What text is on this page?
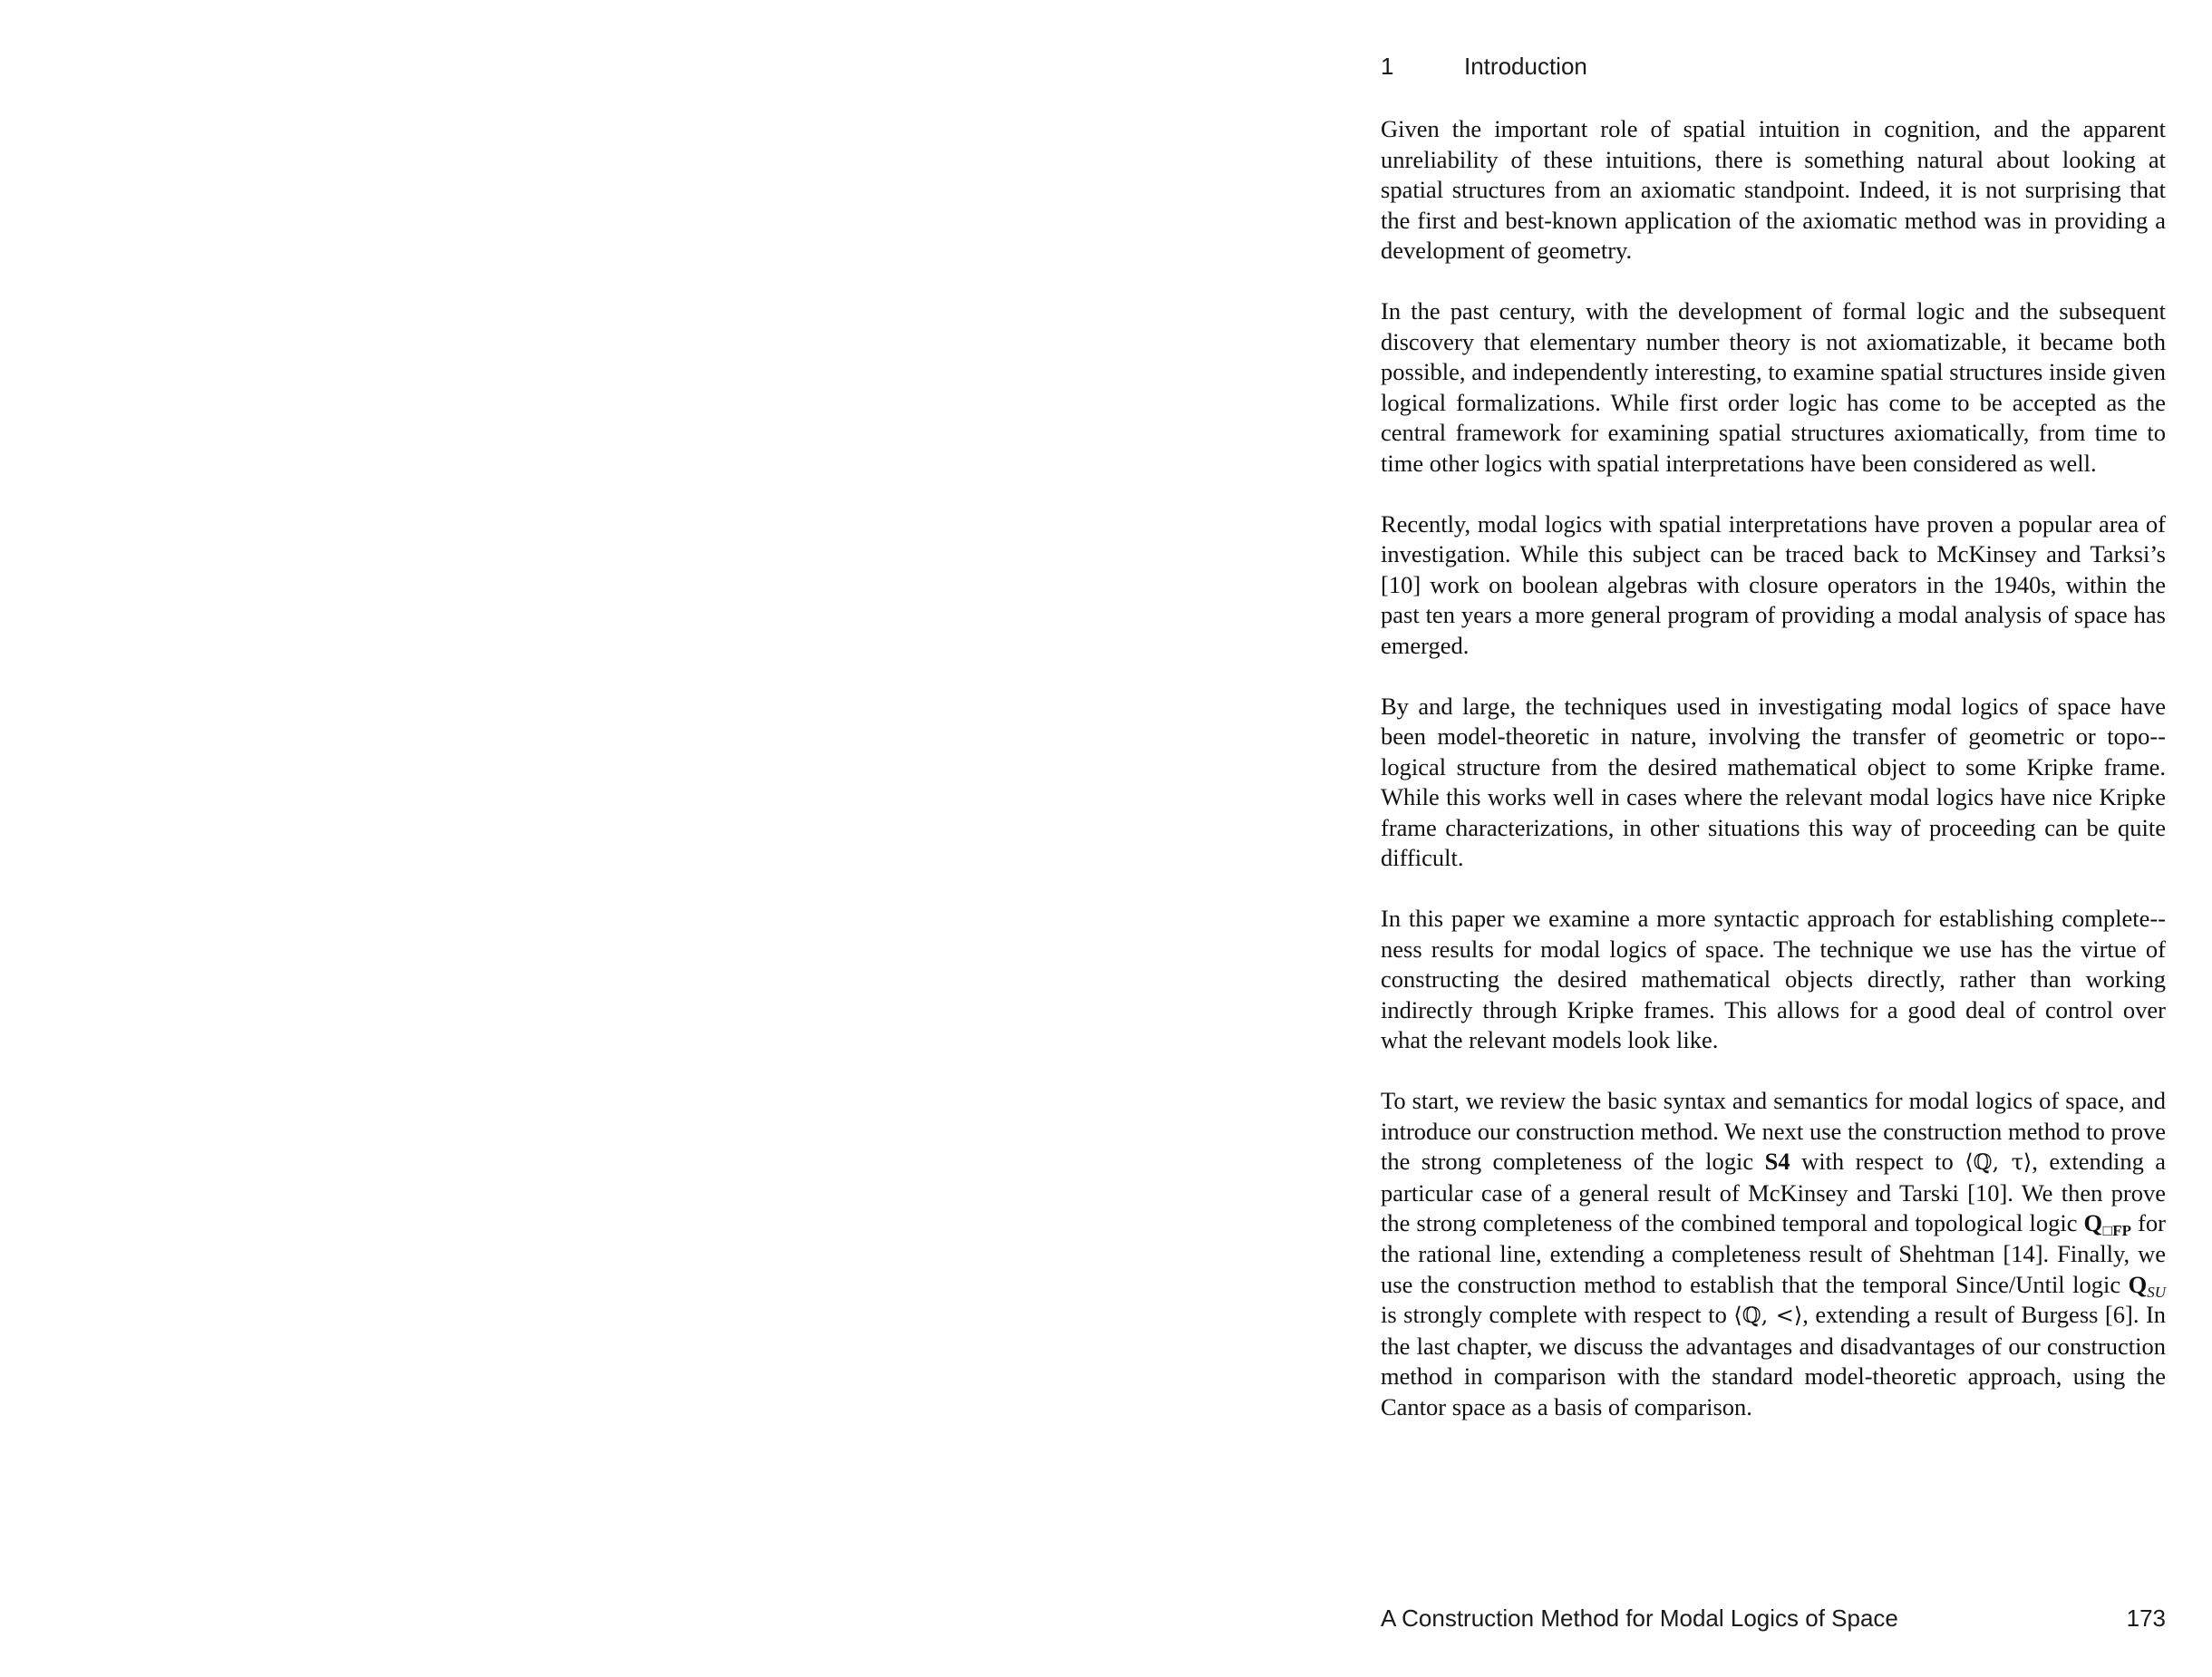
1	Introduction

Given the important role of spatial intuition in cognition, and the apparent unreliability of these intuitions, there is something natural about looking at spatial structures from an axiomatic standpoint. Indeed, it is not surprising that the first and best-known application of the axiomatic method was in providing a development of geometry.

In the past century, with the development of formal logic and the subsequent discovery that elementary number theory is not axiomatizable, it became both possible, and independently interesting, to examine spatial structures inside given logical formalizations. While first order logic has come to be accepted as the central framework for examining spatial structures axiomatically, from time to time other logics with spatial interpretations have been considered as well.

Recently, modal logics with spatial interpretations have proven a popular area of investigation. While this subject can be traced back to McKinsey and Tarksi’s [10] work on boolean algebras with closure operators in the 1940s, within the past ten years a more general program of providing a modal analysis of space has emerged.

By and large, the techniques used in investigating modal logics of space have been model-theoretic in nature, involving the transfer of geometric or topo-logical structure from the desired mathematical object to some Kripke frame. While this works well in cases where the relevant modal logics have nice Kripke frame characterizations, in other situations this way of proceeding can be quite difficult.

In this paper we examine a more syntactic approach for establishing complete-ness results for modal logics of space. The technique we use has the virtue of constructing the desired mathematical objects directly, rather than working indirectly through Kripke frames. This allows for a good deal of control over what the relevant models look like.

To start, we review the basic syntax and semantics for modal logics of space, and introduce our construction method. We next use the construction method to prove the strong completeness of the logic S4 with respect to ⟨ℚ, τ⟩, extending a particular case of a general result of McKinsey and Tarski [10]. We then prove the strong completeness of the combined temporal and topological logic $Q_{□FP}$ for the rational line, extending a completeness result of Shehtman [14]. Finally, we use the construction method to establish that the temporal Since/Until logic $Q_{SU}$ is strongly complete with respect to ⟨ℚ, <⟩, extending a result of Burgess [6]. In the last chapter, we discuss the advantages and disadvantages of our construction method in comparison with the standard model-theoretic approach, using the Cantor space as a basis of comparison.

A Construction Method for Modal Logics of Space	173
